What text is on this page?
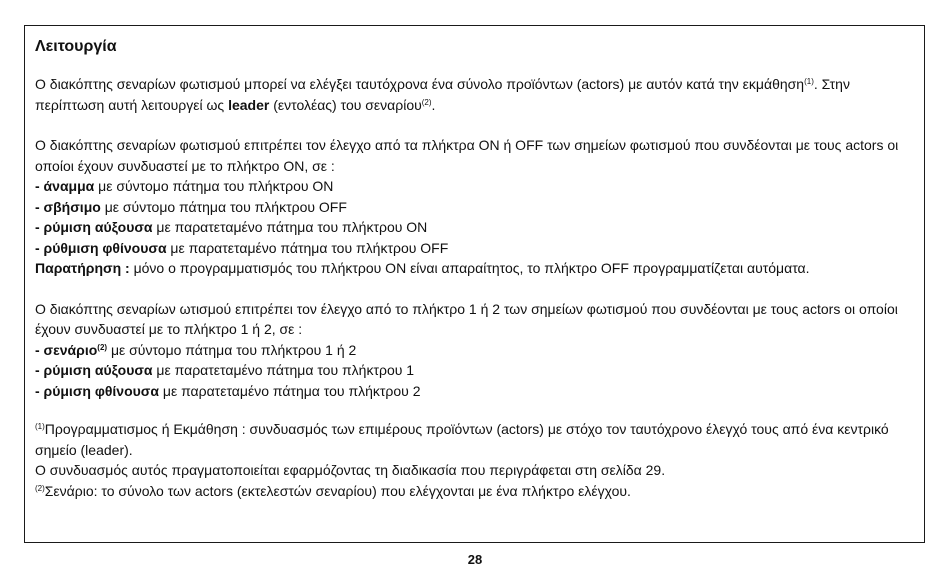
Λειτουργία

Ο διακόπτης σεναρίων φωτισμού μπορεί να ελέγξει ταυτόχρονα ένα σύνολο προϊόντων (actors) με αυτόν κατά την εκμάθηση$^{(1)}$. Στην περίπτωση αυτή λειτουργεί ως leader (εντολέας) του σεναρίου$^{(2)}$.

Ο διακόπτης σεναρίων φωτισμού επιτρέπει τον έλεγχο από τα πλήκτρα ON ή OFF των σημείων φωτισμού που συνδέονται με τους actors οι οποίοι έχουν συνδυαστεί με το πλήκτρο ON, σε :

- άναμμα με σύντομο πάτημα του πλήκτρου ON

- σβήσιμο με σύντομο πάτημα του πλήκτρου OFF

- ρύμιση αύξουσα με παρατεταμένο πάτημα του πλήκτρου ON

- ρύθμιση φθίνουσα με παρατεταμένο πάτημα του πλήκτρου OFF

Παρατήρηση : μόνο ο προγραμματισμός του πλήκτρου ON είναι απαραίτητος, το πλήκτρο OFF προγραμματίζεται αυτόματα.

Ο διακόπτης σεναρίων ωτισμού επιτρέπει τον έλεγχο από το πλήκτρο 1 ή 2 των σημείων φωτισμού που συνδέονται με τους actors οι οποίοι έχουν συνδυαστεί με το πλήκτρο 1 ή 2, σε :

- σενάριο$^{(2)}$ με σύντομο πάτημα του πλήκτρου 1 ή 2

- ρύμιση αύξουσα με παρατεταμένο πάτημα του πλήκτρου 1

- ρύμιση φθίνουσα με παρατεταμένο πάτημα του πλήκτρου 2

$^{(1)}$Προγραμματισμος ή Εκμάθηση : συνδυασμός των επιμέρους προϊόντων (actors) με στόχο τον ταυτόχρονο έλεγχό τους από ένα κεντρικό σημείο (leader).

Ο συνδυασμός αυτός πραγματοποιείται εφαρμόζοντας τη διαδικασία που περιγράφεται στη σελίδα 29.

$^{(2)}$Σενάριο: το σύνολο των actors (εκτελεστών σεναρίου) που ελέγχονται με ένα πλήκτρο ελέγχου.

28
